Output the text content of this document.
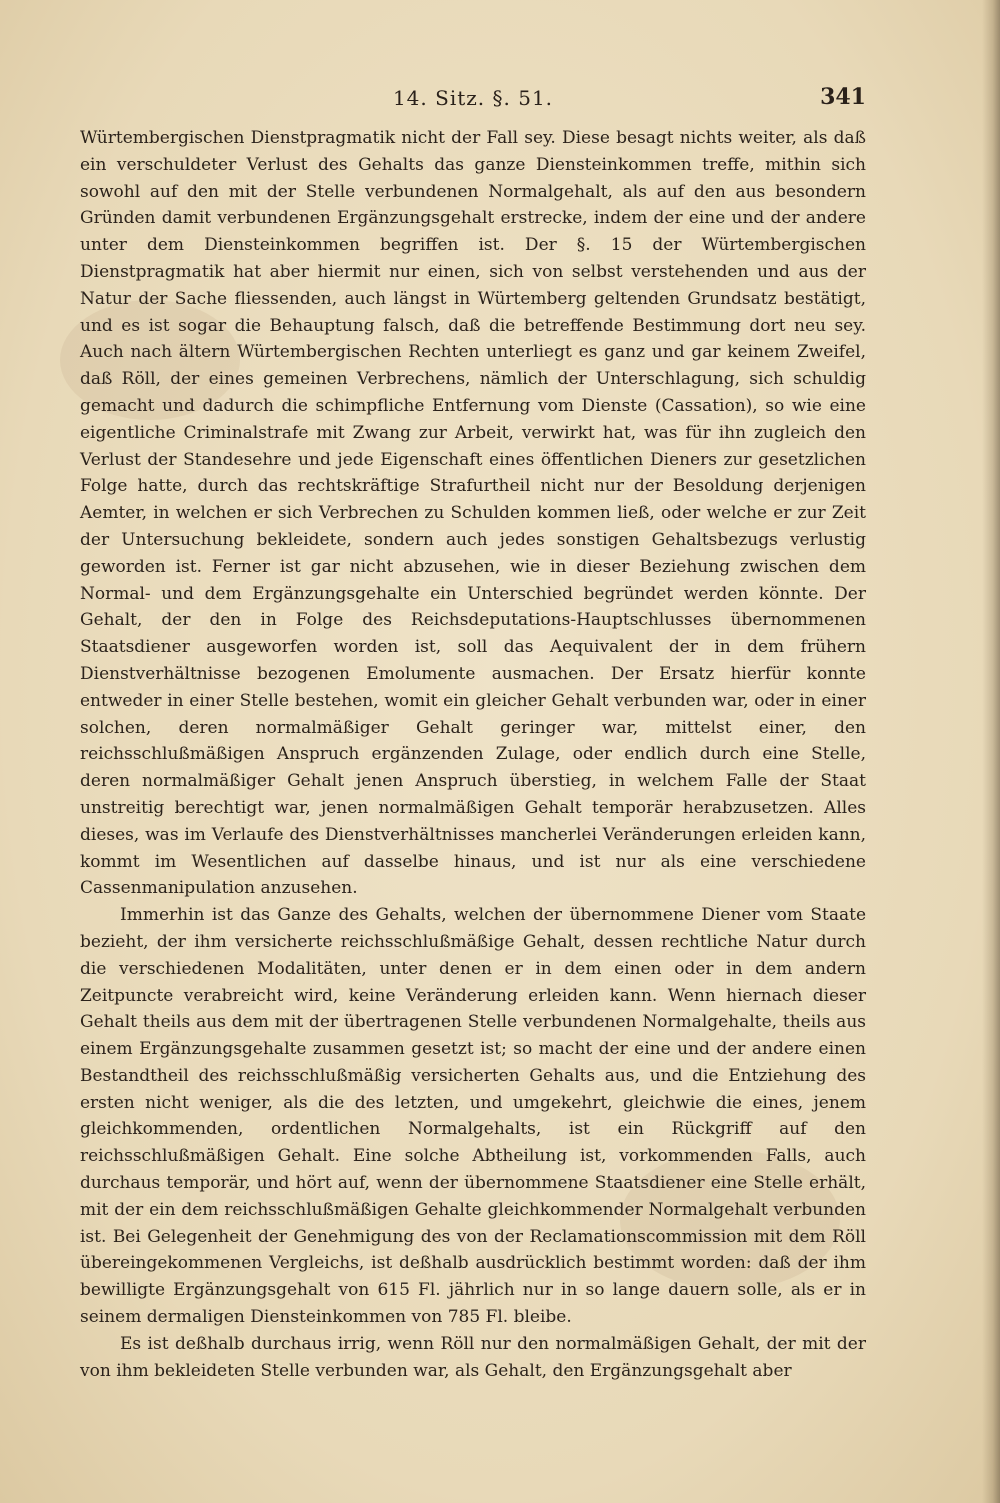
14. Sitz. §. 51.	341

Würtembergischen Dienstpragmatik nicht der Fall sey. Diese besagt nichts weiter, als daß ein verschuldeter Verlust des Gehalts das ganze Diensteinkommen treffe, mithin sich sowohl auf den mit der Stelle verbundenen Normalgehalt, als auf den aus besondern Gründen damit verbundenen Ergänzungsgehalt erstrecke, indem der eine und der andere unter dem Diensteinkommen begriffen ist. Der §. 15 der Würtembergischen Dienstpragmatik hat aber hiermit nur einen, sich von selbst verstehenden und aus der Natur der Sache fliessenden, auch längst in Würtemberg geltenden Grundsatz bestätigt, und es ist sogar die Behauptung falsch, daß die betreffende Bestimmung dort neu sey. Auch nach ältern Würtembergischen Rechten unterliegt es ganz und gar keinem Zweifel, daß Röll, der eines gemeinen Verbrechens, nämlich der Unterschlagung, sich schuldig gemacht und dadurch die schimpfliche Entfernung vom Dienste (Cassation), so wie eine eigentliche Criminalstrafe mit Zwang zur Arbeit, verwirkt hat, was für ihn zugleich den Verlust der Standesehre und jede Eigenschaft eines öffentlichen Dieners zur gesetzlichen Folge hatte, durch das rechtskräftige Strafurtheil nicht nur der Besoldung derjenigen Aemter, in welchen er sich Verbrechen zu Schulden kommen ließ, oder welche er zur Zeit der Untersuchung bekleidete, sondern auch jedes sonstigen Gehaltsbezugs verlustig geworden ist. Ferner ist gar nicht abzusehen, wie in dieser Beziehung zwischen dem Normal- und dem Ergänzungsgehalte ein Unterschied begründet werden könnte. Der Gehalt, der den in Folge des Reichsdeputations-Hauptschlusses übernommenen Staatsdiener ausgeworfen worden ist, soll das Aequivalent der in dem frühern Dienstverhältnisse bezogenen Emolumente ausmachen. Der Ersatz hierfür konnte entweder in einer Stelle bestehen, womit ein gleicher Gehalt verbunden war, oder in einer solchen, deren normalmäßiger Gehalt geringer war, mittelst einer, den reichsschlußmäßigen Anspruch ergänzenden Zulage, oder endlich durch eine Stelle, deren normalmäßiger Gehalt jenen Anspruch überstieg, in welchem Falle der Staat unstreitig berechtigt war, jenen normalmäßigen Gehalt temporär herabzusetzen. Alles dieses, was im Verlaufe des Dienstverhältnisses mancherlei Veränderungen erleiden kann, kommt im Wesentlichen auf dasselbe hinaus, und ist nur als eine verschiedene Cassenmanipulation anzusehen.

Immerhin ist das Ganze des Gehalts, welchen der übernommene Diener vom Staate bezieht, der ihm versicherte reichsschlußmäßige Gehalt, dessen rechtliche Natur durch die verschiedenen Modalitäten, unter denen er in dem einen oder in dem andern Zeitpuncte verabreicht wird, keine Veränderung erleiden kann. Wenn hiernach dieser Gehalt theils aus dem mit der übertragenen Stelle verbundenen Normalgehalte, theils aus einem Ergänzungsgehalte zusammen gesetzt ist; so macht der eine und der andere einen Bestandtheil des reichsschlußmäßig versicherten Gehalts aus, und die Entziehung des ersten nicht weniger, als die des letzten, und umgekehrt, gleichwie die eines, jenem gleichkommenden, ordentlichen Normalgehalts, ist ein Rückgriff auf den reichsschlußmäßigen Gehalt. Eine solche Abtheilung ist, vorkommenden Falls, auch durchaus temporär, und hört auf, wenn der übernommene Staatsdiener eine Stelle erhält, mit der ein dem reichsschlußmäßigen Gehalte gleichkommender Normalgehalt verbunden ist. Bei Gelegenheit der Genehmigung des von der Reclamationscommission mit dem Röll übereingekommenen Vergleichs, ist deßhalb ausdrücklich bestimmt worden: daß der ihm bewilligte Ergänzungsgehalt von 615 Fl. jährlich nur in so lange dauern solle, als er in seinem dermaligen Diensteinkommen von 785 Fl. bleibe.

Es ist deßhalb durchaus irrig, wenn Röll nur den normalmäßigen Gehalt, der mit der von ihm bekleideten Stelle verbunden war, als Gehalt, den Ergänzungsgehalt aber
